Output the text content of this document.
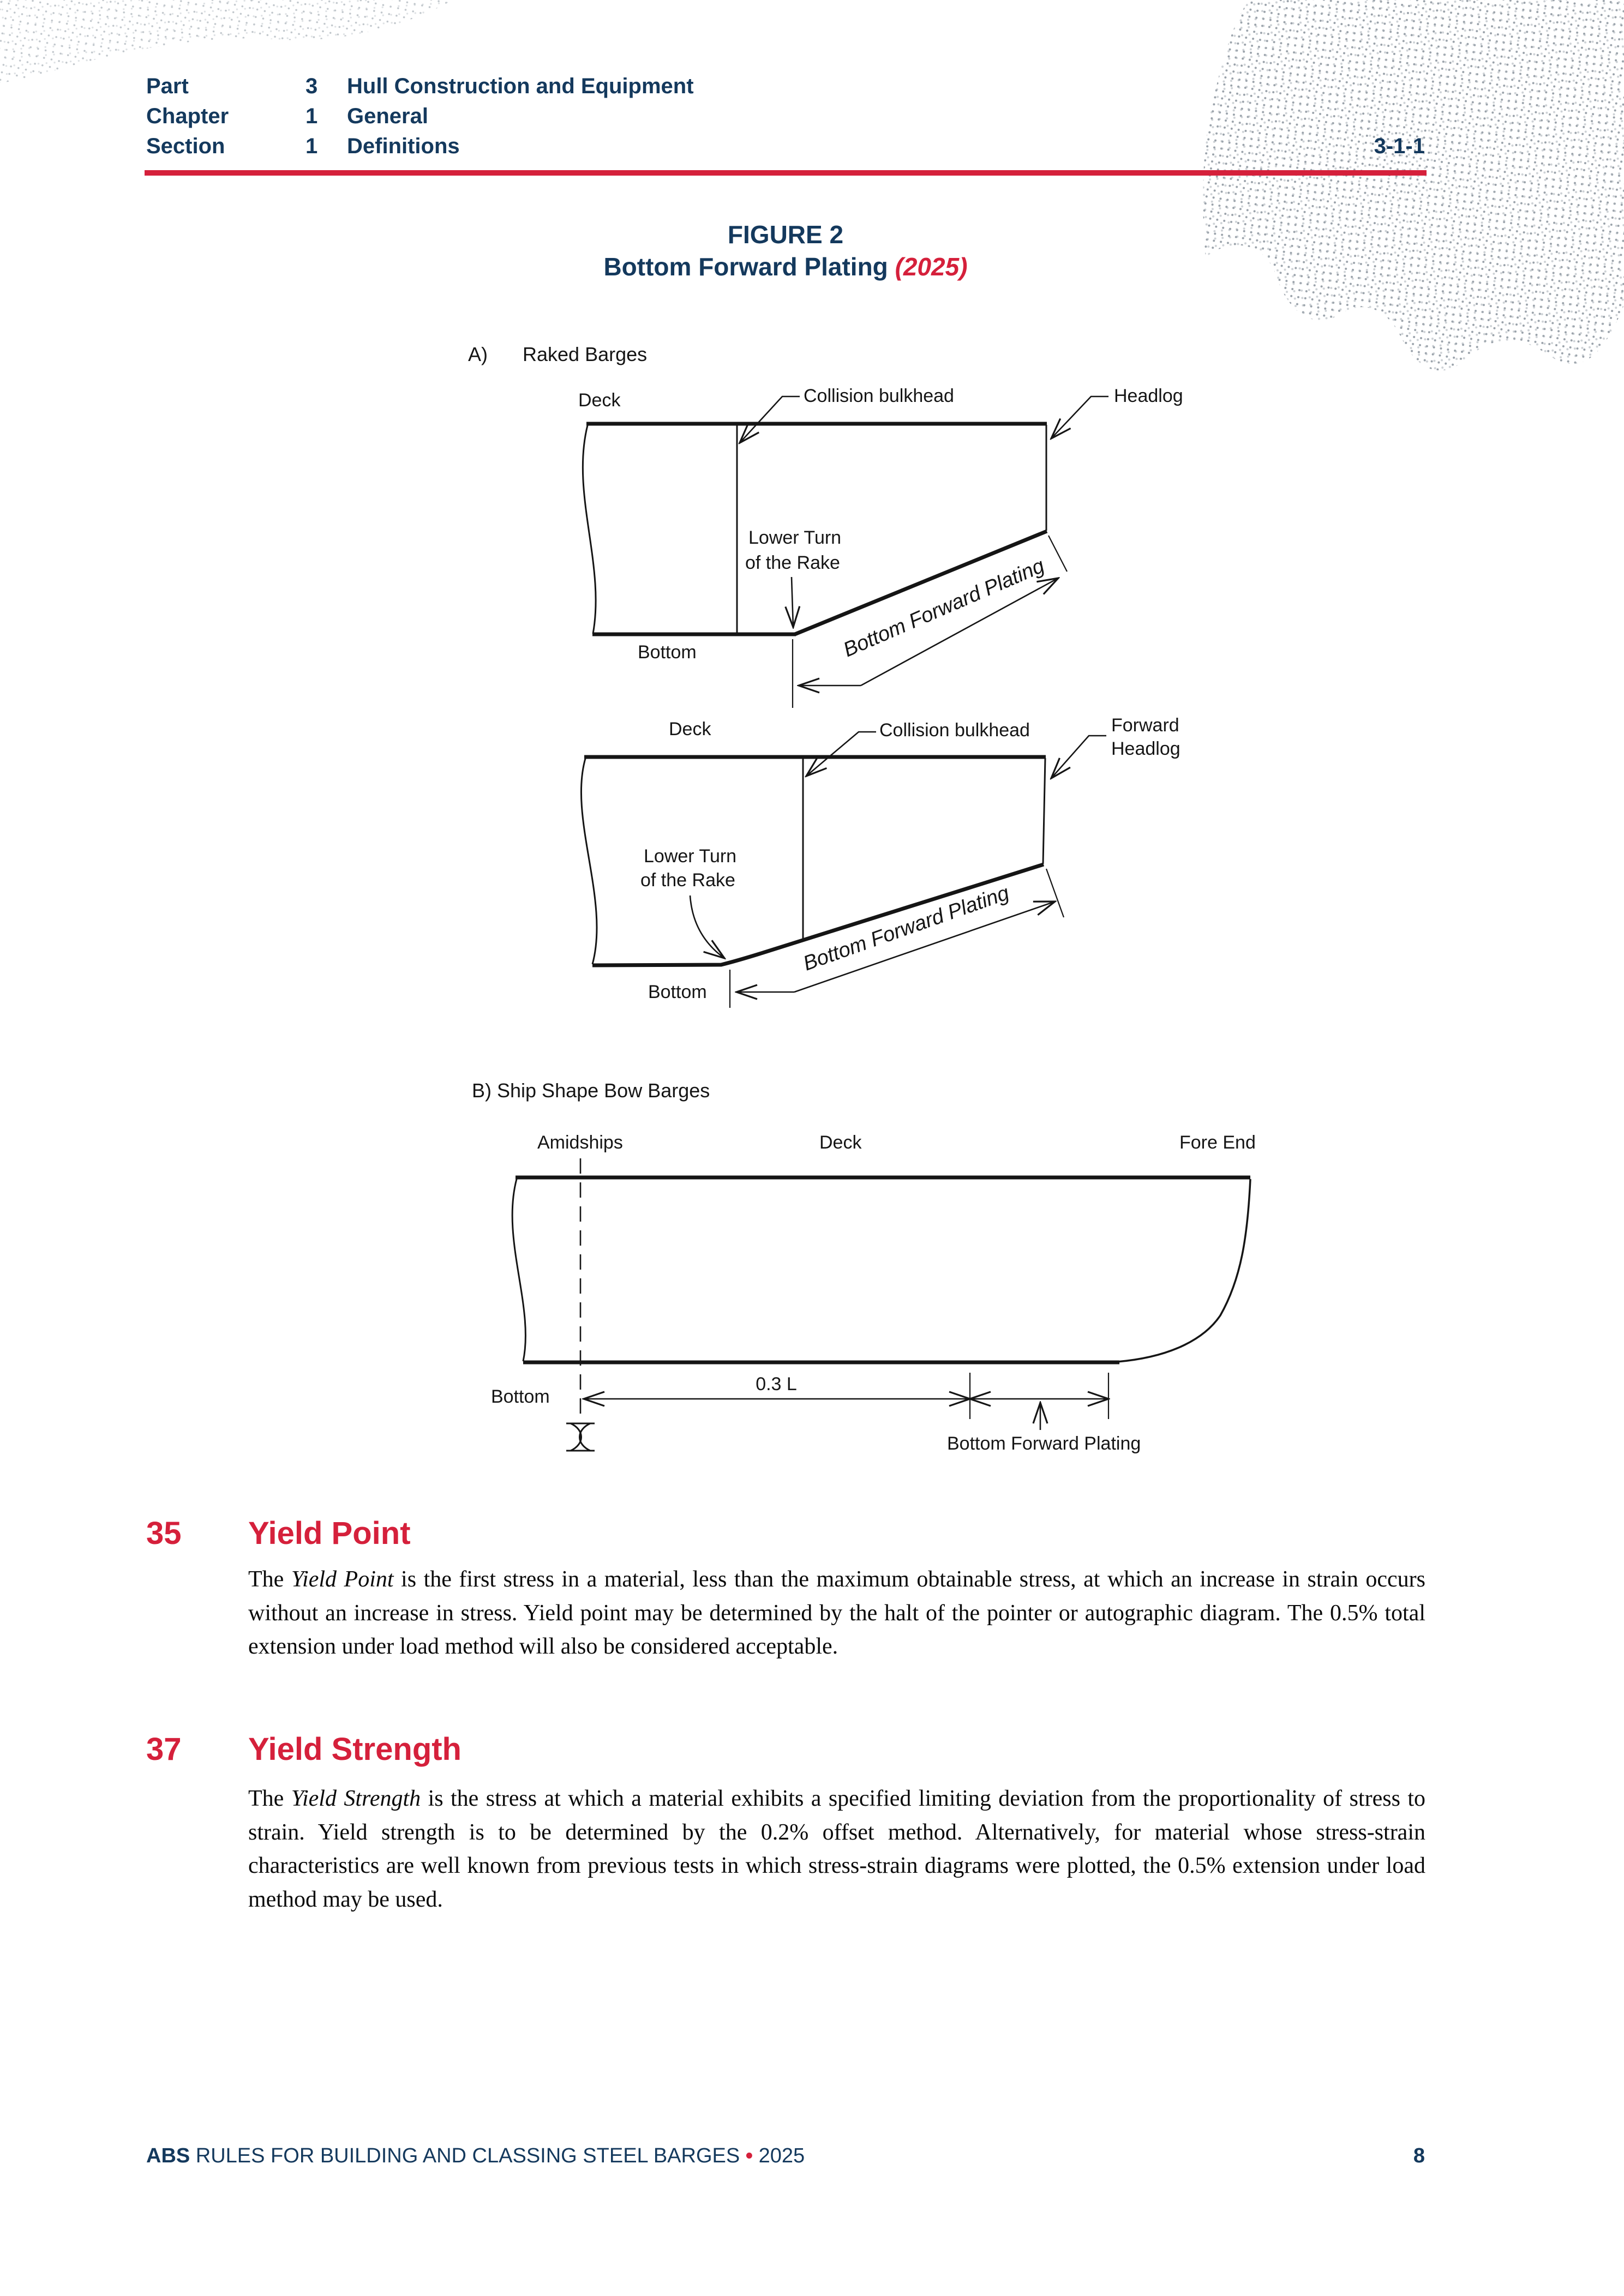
Part	3 Hull Construction and Equipment
Chapter	1 General
Section	1 Definitions	3-1-1
FIGURE 2
Bottom Forward Plating (2025)
A) Raked Barges
Deck	Collision bulkhead	Headlog
Lower Turn
of the Rake
Bottom	Bottom Forward Plating
Deck	Collision bulkhead	Forward
Headlog
Lower Turn
of the Rake
Bottom
Bottom Forward Plating
B) Ship Shape Bow Barges
Amidships	Deck	Fore End
Bottom
0.3 L
Bottom Forward Plating
35 Yield Point
The Yield Point is the first stress in a material, less than the maximum obtainable stress, at which an increase in strain occurs without an increase in stress. Yield point may be determined by the halt of the pointer or autographic diagram. The 0.5% total extension under load method will also be considered acceptable.
37 Yield Strength
The Yield Strength is the stress at which a material exhibits a specified limiting deviation from the proportionality of stress to strain. Yield strength is to be determined by the 0.2% offset method. Alternatively, for material whose stress-strain characteristics are well known from previous tests in which stress-strain diagrams were plotted, the 0.5% extension under load method may be used.
ABS RULES FOR BUILDING AND CLASSING STEEL BARGES • 2025	8
